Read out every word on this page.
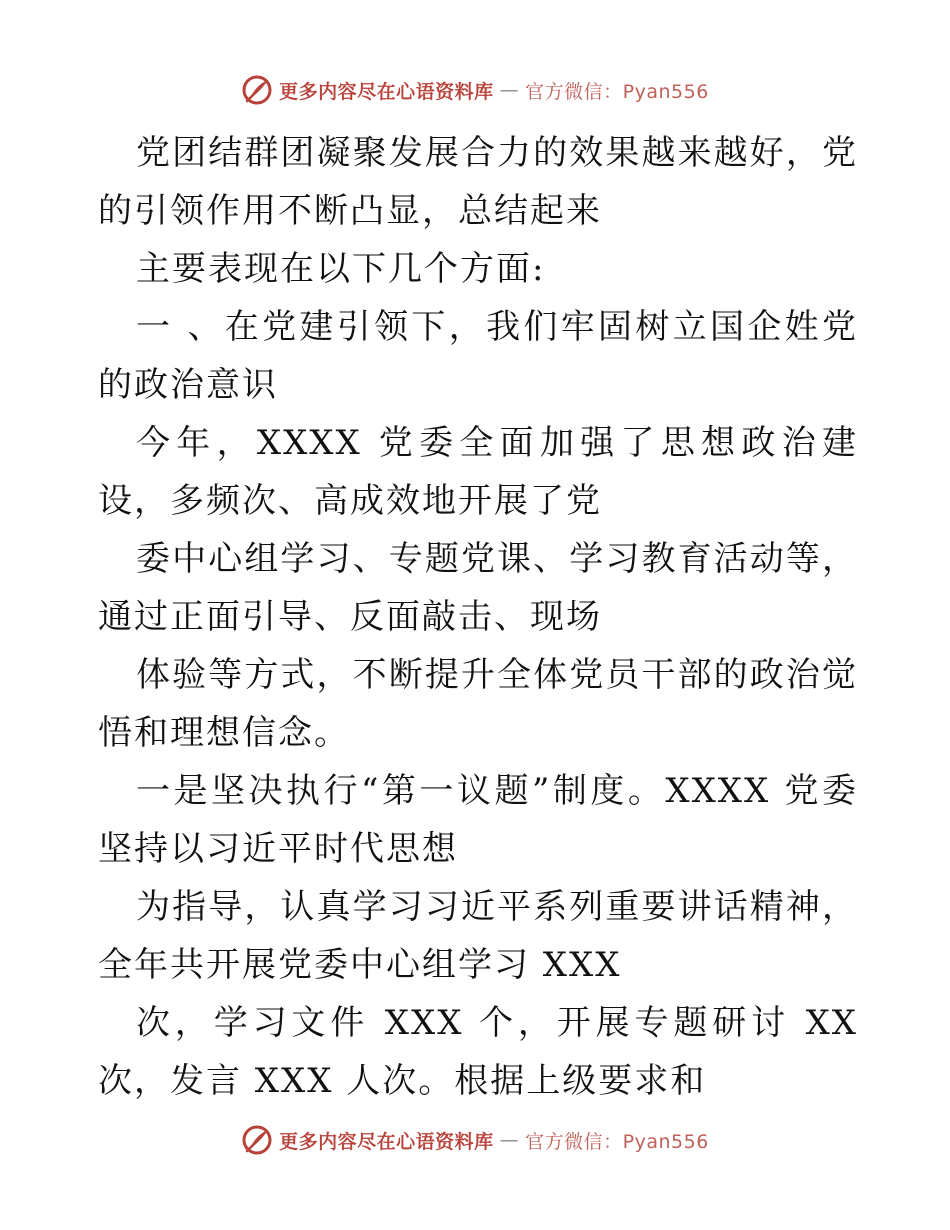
更多内容尽在心语资料库 — 官方微信：Pyan556

党团结群团凝聚发展合力的效果越来越好，党的引领作用不断凸显，总结起来

主要表现在以下几个方面:

一 、在党建引领下，我们牢固树立国企姓党的政治意识

今年，XXXX 党委全面加强了思想政治建设，多频次、高成效地开展了党

委中心组学习、专题党课、学习教育活动等，通过正面引导、反面敲击、现场

体验等方式，不断提升全体党员干部的政治觉悟和理想信念。

一是坚决执行“第一议题”制度。XXXX 党委坚持以习近平时代思想

为指导，认真学习习近平系列重要讲话精神，全年共开展党委中心组学习 XXX

次，学习文件 XXX 个，开展专题研讨 XX 次，发言 XXX 人次。根据上级要求和

更多内容尽在心语资料库 — 官方微信：Pyan556
